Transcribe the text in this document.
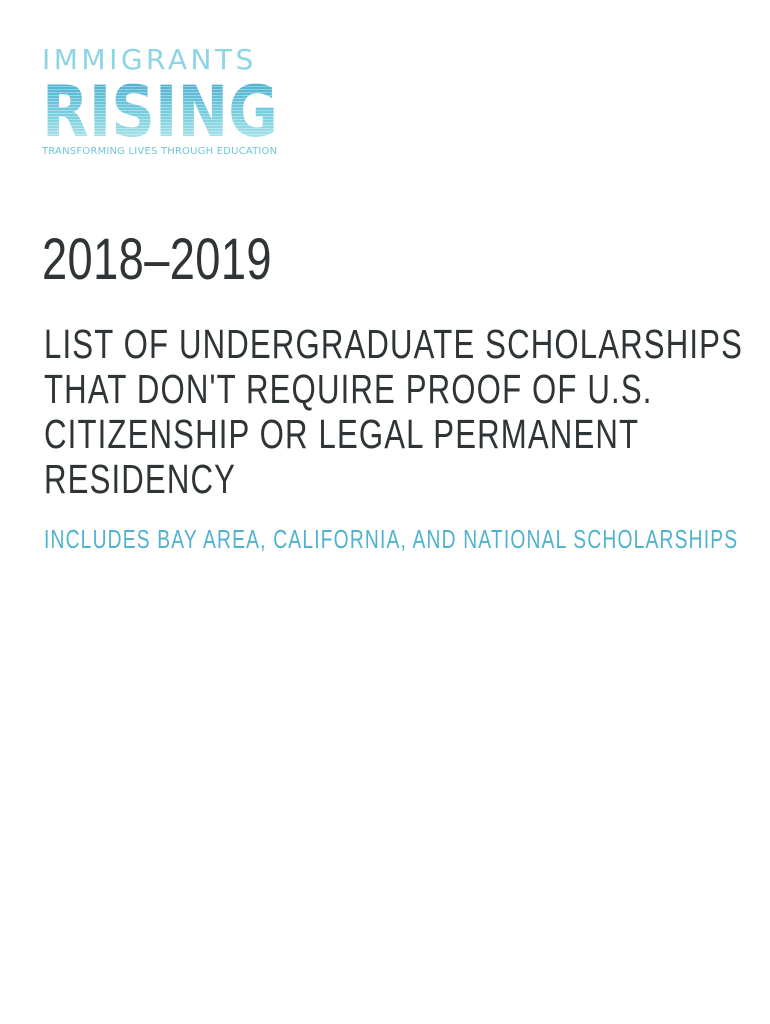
IMMIGRANTS
TRANSFORMING LIVES THROUGH EDUCATION
2018–2019
LIST OF UNDERGRADUATE SCHOLARSHIPS
THAT DON'T REQUIRE PROOF OF U.S.
CITIZENSHIP OR LEGAL PERMANENT
RESIDENCY
INCLUDES BAY AREA, CALIFORNIA, AND NATIONAL SCHOLARSHIPS
